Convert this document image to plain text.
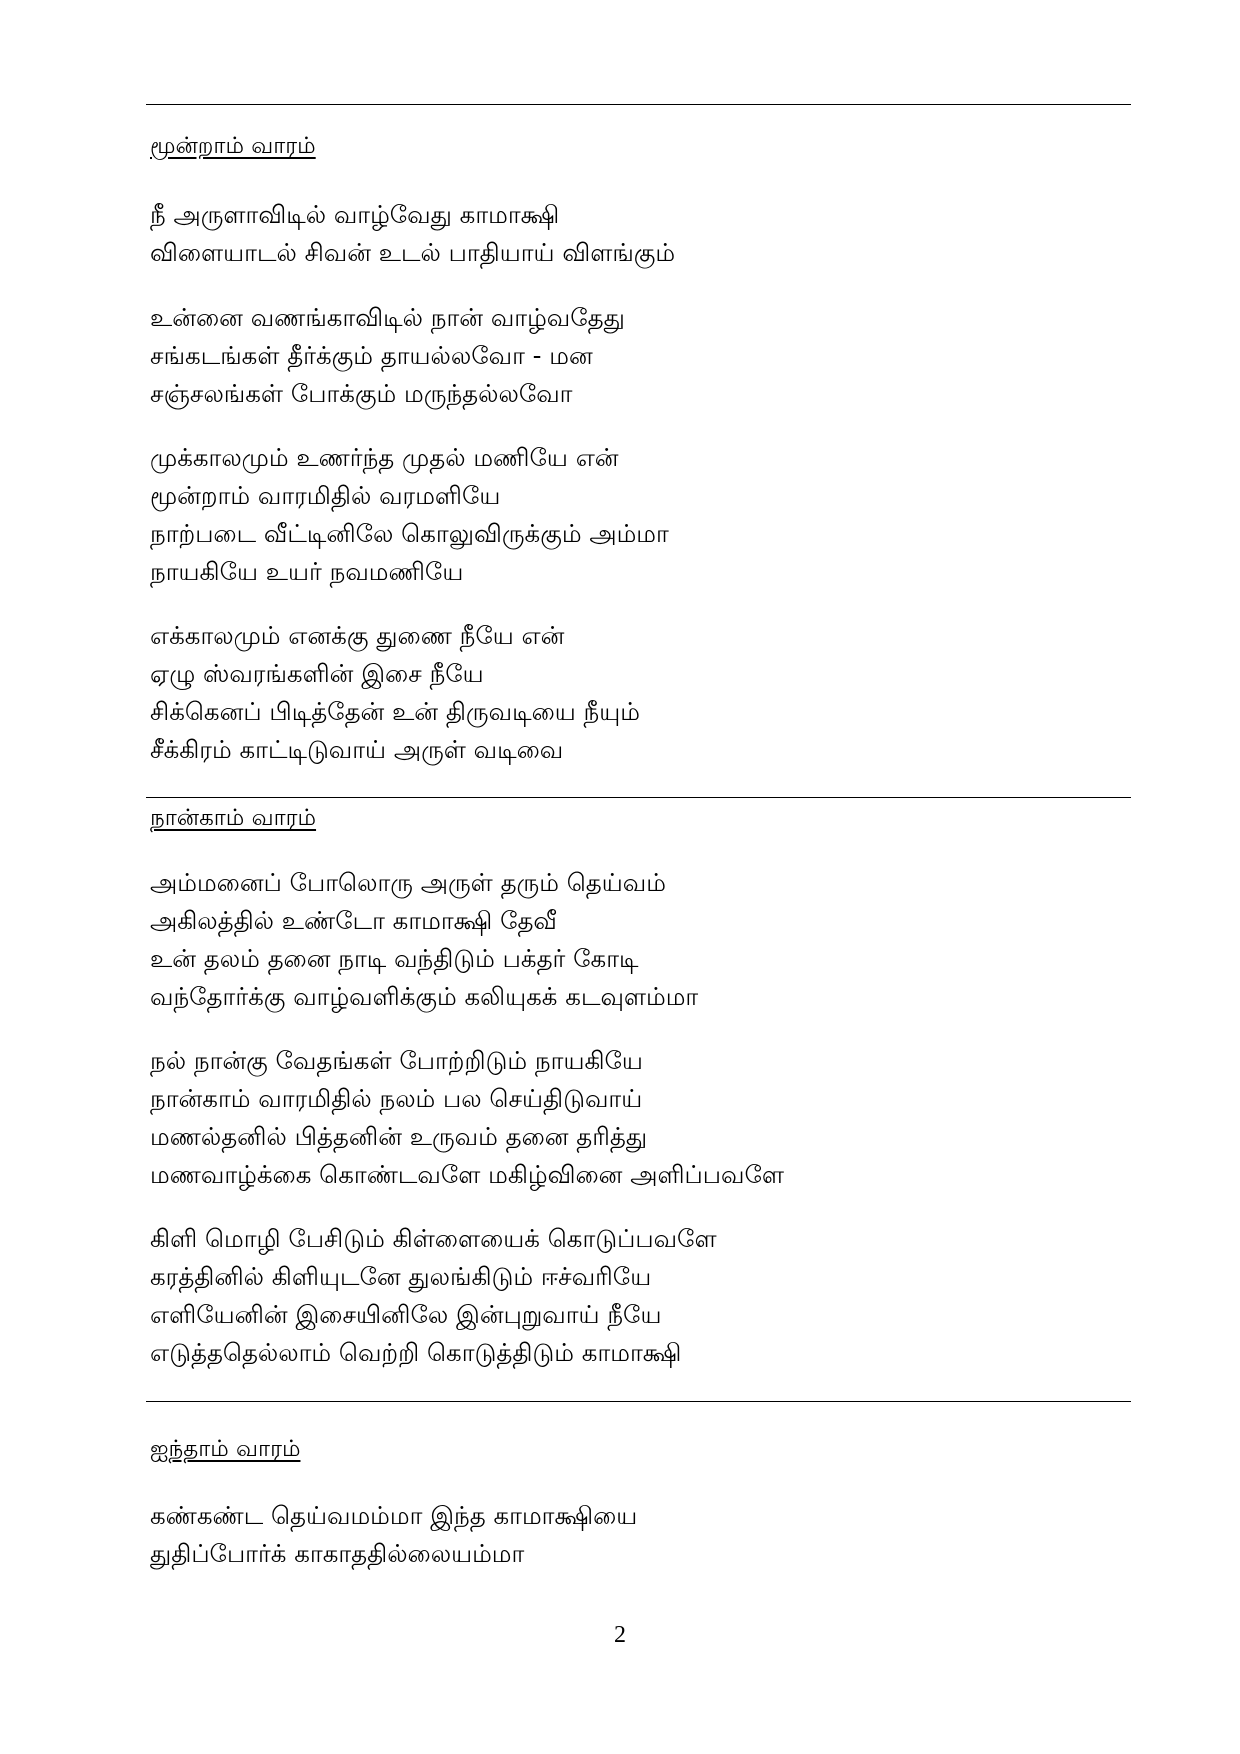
மூன்றாம் வாரம்
நீ அருளாவிடில் வாழ்வேது காமாக்ஷி
விளையாடல் சிவன் உடல் பாதியாய் விளங்கும்
உன்னை வணங்காவிடில் நான் வாழ்வதேது
சங்கடங்கள் தீர்க்கும் தாயல்லவோ - மன
சஞ்சலங்கள் போக்கும் மருந்தல்லவோ
முக்காலமும் உணர்ந்த முதல் மணியே என்
மூன்றாம் வாரமிதில் வரமளியே
நாற்படை வீட்டினிலே கொலுவிருக்கும் அம்மா
நாயகியே உயர் நவமணியே
எக்காலமும் எனக்கு துணை நீயே என்
ஏழு ஸ்வரங்களின் இசை நீயே
சிக்கெனப் பிடித்தேன் உன் திருவடியை நீயும்
சீக்கிரம் காட்டிடுவாய் அருள் வடிவை
நான்காம் வாரம்
அம்மனைப் போலொரு அருள் தரும் தெய்வம்
அகிலத்தில் உண்டோ காமாக்ஷி தேவீ
உன் தலம் தனை நாடி வந்திடும் பக்தர் கோடி
வந்தோர்க்கு வாழ்வளிக்கும் கலியுகக் கடவுளம்மா
நல் நான்கு வேதங்கள் போற்றிடும் நாயகியே
நான்காம் வாரமிதில் நலம் பல செய்திடுவாய்
மணல்தனில் பித்தனின் உருவம் தனை தரித்து
மணவாழ்க்கை கொண்டவளே மகிழ்வினை அளிப்பவளே
கிளி மொழி பேசிடும் கிள்ளையைக் கொடுப்பவளே
கரத்தினில் கிளியுடனே துலங்கிடும் ஈச்வரியே
எளியேனின் இசையினிலே இன்புறுவாய் நீயே
எடுத்ததெல்லாம் வெற்றி கொடுத்திடும் காமாக்ஷி
ஐந்தாம் வாரம்
கண்கண்ட தெய்வமம்மா இந்த காமாக்ஷியை
துதிப்போர்க் காகாததில்லையம்மா
2
